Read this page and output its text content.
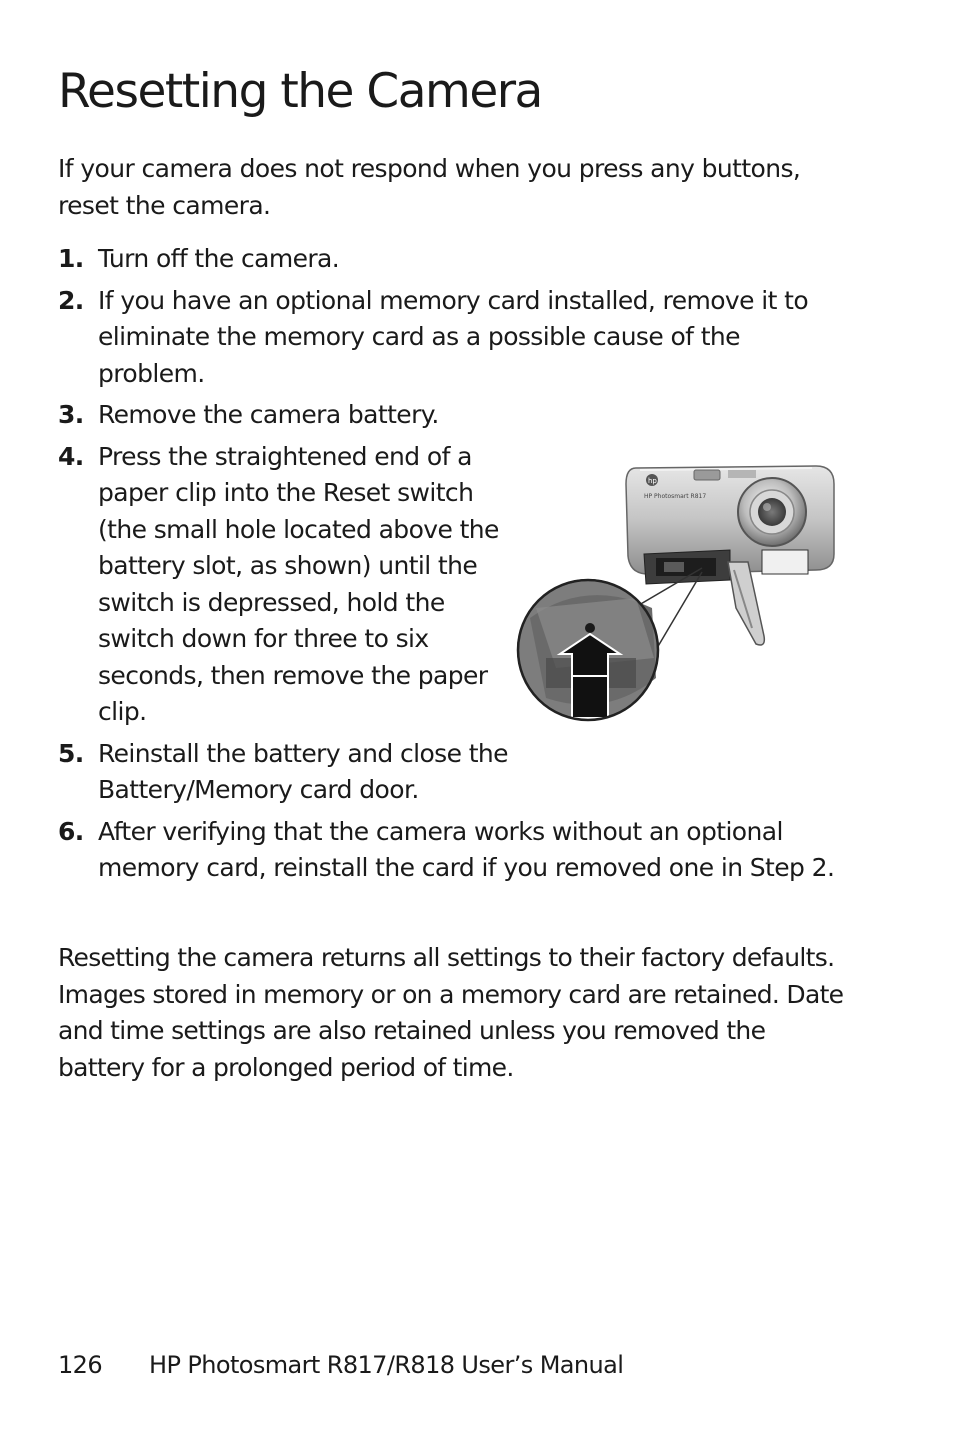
Resetting the Camera

If your camera does not respond when you press any buttons, reset the camera.

1. Turn off the camera.
2. If you have an optional memory card installed, remove it to eliminate the memory card as a possible cause of the problem.
3. Remove the camera battery.
4. Press the straightened end of a paper clip into the Reset switch (the small hole located above the battery slot, as shown) until the switch is depressed, hold the switch down for three to six seconds, then remove the paper clip.
5. Reinstall the battery and close the Battery/Memory card door.
6. After verifying that the camera works without an optional memory card, reinstall the card if you removed one in Step 2.
hp
HP Photosmart R817

Resetting the camera returns all settings to their factory defaults. Images stored in memory or on a memory card are retained. Date and time settings are also retained unless you removed the battery for a prolonged period of time.

126 HP Photosmart R817/R818 User’s Manual
